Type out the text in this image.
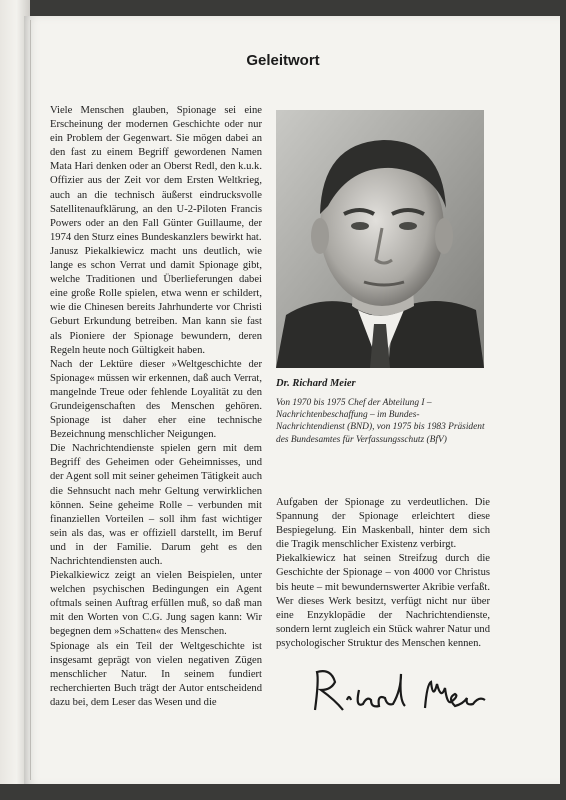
Geleitwort

Viele Menschen glauben, Spionage sei eine Erscheinung der modernen Geschichte oder nur ein Problem der Gegenwart. Sie mögen dabei an den fast zu einem Begriff gewordenen Namen Mata Hari denken oder an Oberst Redl, den k.u.k. Offizier aus der Zeit vor dem Ersten Weltkrieg, auch an die technisch äußerst eindrucksvolle Satellitenaufklärung, an den U-2-Piloten Francis Powers oder an den Fall Günter Guillaume, der 1974 den Sturz eines Bundeskanzlers bewirkt hat.

Janusz Piekalkiewicz macht uns deutlich, wie lange es schon Verrat und damit Spionage gibt, welche Traditionen und Überlieferungen dabei eine große Rolle spielen, etwa wenn er schildert, wie die Chinesen bereits Jahrhunderte vor Christi Geburt Erkundung betreiben. Man kann sie fast als Pioniere der Spionage bewundern, deren Regeln heute noch Gültigkeit haben.

Nach der Lektüre dieser »Weltgeschichte der Spionage« müssen wir erkennen, daß auch Verrat, mangelnde Treue oder fehlende Loyalität zu den Grundeigenschaften des Menschen gehören. Spionage ist daher eher eine technische Bezeichnung menschlicher Neigungen.

Die Nachrichtendienste spielen gern mit dem Begriff des Geheimen oder Geheimnisses, und der Agent soll mit seiner geheimen Tätigkeit auch die Sehnsucht nach mehr Geltung verwirklichen können. Seine geheime Rolle – verbunden mit finanziellen Vorteilen – soll ihm fast wichtiger sein als das, was er offiziell darstellt, im Beruf und in der Familie. Darum geht es den Nachrichtendiensten auch.

Piekalkiewicz zeigt an vielen Beispielen, unter welchen psychischen Bedingungen ein Agent oftmals seinen Auftrag erfüllen muß, so daß man mit den Worten von C.G. Jung sagen kann: Wir begegnen dem »Schatten« des Menschen.

Spionage als ein Teil der Weltgeschichte ist insgesamt geprägt von vielen negativen Zügen menschlicher Natur. In seinem fundiert recherchierten Buch trägt der Autor entscheidend dazu bei, dem Leser das Wesen und die

Dr. Richard Meier
Von 1970 bis 1975 Chef der Abteilung I – Nachrichtenbeschaffung – im Bundes-Nachrichtendienst (BND), von 1975 bis 1983 Präsident des Bundesamtes für Verfassungsschutz (BfV)

Aufgaben der Spionage zu verdeutlichen. Die Spannung der Spionage erleichtert diese Bespiegelung. Ein Maskenball, hinter dem sich die Tragik menschlicher Existenz verbirgt.

Piekalkiewicz hat seinen Streifzug durch die Geschichte der Spionage – von 4000 vor Christus bis heute – mit bewundernswerter Akribie verfaßt. Wer dieses Werk besitzt, verfügt nicht nur über eine Enzyklopädie der Nachrichtendienste, sondern lernt zugleich ein Stück wahrer Natur und psychologischer Struktur des Menschen kennen.
